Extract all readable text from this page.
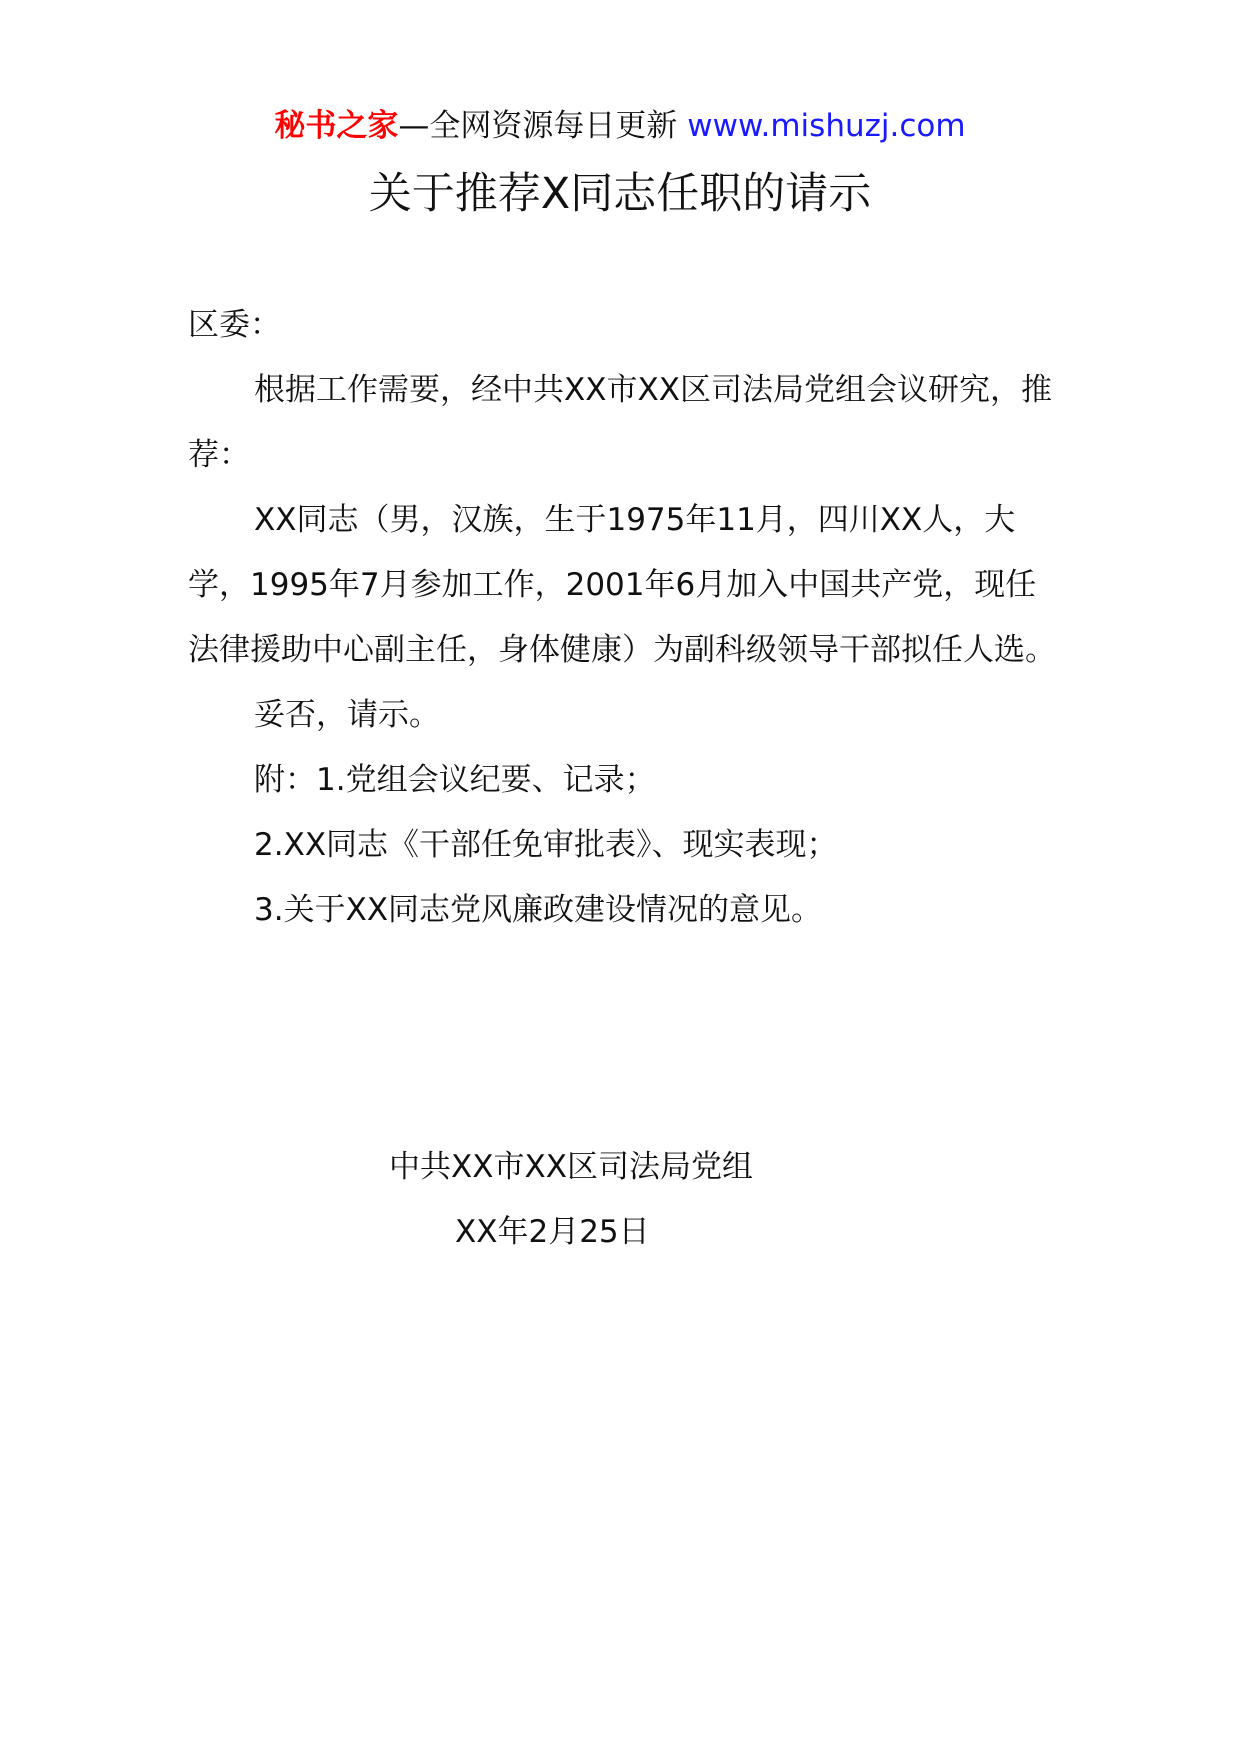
秘书之家—全网资源每日更新 www.mishuzj.com
关于推荐X同志任职的请示

区委：

根据工作需要，经中共XX市XX区司法局党组会议研究，推荐：

XX同志（男，汉族，生于1975年11月，四川XX人，大学，1995年7月参加工作，2001年6月加入中国共产党，现任法律援助中心副主任，身体健康）为副科级领导干部拟任人选。

妥否，请示。

附：1.党组会议纪要、记录；

2.XX同志《干部任免审批表》、现实表现；

3.关于XX同志党风廉政建设情况的意见。

中共XX市XX区司法局党组
XX年2月25日
